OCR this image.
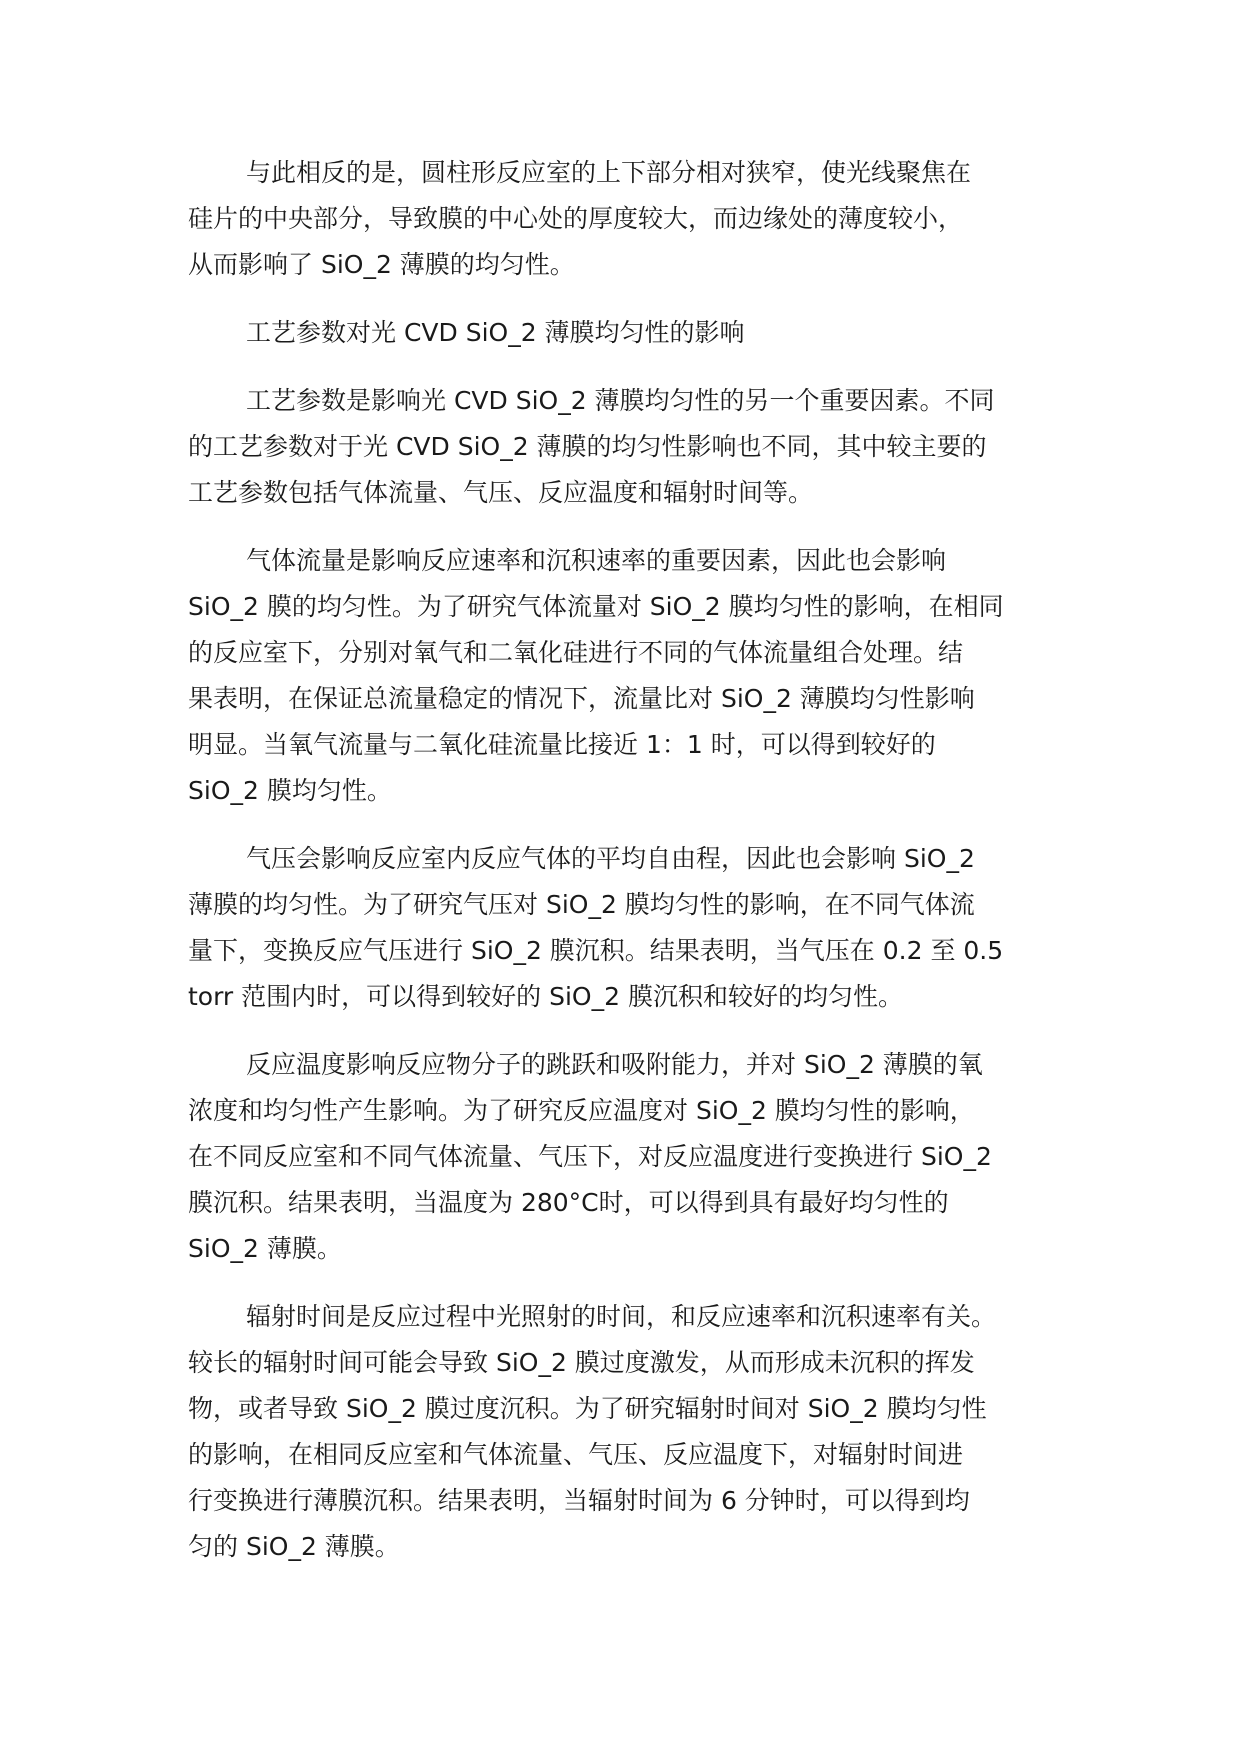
与此相反的是，圆柱形反应室的上下部分相对狭窄，使光线聚焦在

硅片的中央部分，导致膜的中心处的厚度较大，而边缘处的薄度较小，

从而影响了 SiO_2 薄膜的均匀性。

工艺参数对光 CVD SiO_2 薄膜均匀性的影响

工艺参数是影响光 CVD SiO_2 薄膜均匀性的另一个重要因素。不同

的工艺参数对于光 CVD SiO_2 薄膜的均匀性影响也不同，其中较主要的

工艺参数包括气体流量、气压、反应温度和辐射时间等。

气体流量是影响反应速率和沉积速率的重要因素，因此也会影响

SiO_2 膜的均匀性。为了研究气体流量对 SiO_2 膜均匀性的影响，在相同

的反应室下，分别对氧气和二氧化硅进行不同的气体流量组合处理。结

果表明，在保证总流量稳定的情况下，流量比对 SiO_2 薄膜均匀性影响

明显。当氧气流量与二氧化硅流量比接近 1：1 时，可以得到较好的

SiO_2 膜均匀性。

气压会影响反应室内反应气体的平均自由程，因此也会影响 SiO_2

薄膜的均匀性。为了研究气压对 SiO_2 膜均匀性的影响，在不同气体流

量下，变换反应气压进行 SiO_2 膜沉积。结果表明，当气压在 0.2 至 0.5

torr 范围内时，可以得到较好的 SiO_2 膜沉积和较好的均匀性。

反应温度影响反应物分子的跳跃和吸附能力，并对 SiO_2 薄膜的氧

浓度和均匀性产生影响。为了研究反应温度对 SiO_2 膜均匀性的影响，

在不同反应室和不同气体流量、气压下，对反应温度进行变换进行 SiO_2

膜沉积。结果表明，当温度为 280°C时，可以得到具有最好均匀性的

SiO_2 薄膜。

辐射时间是反应过程中光照射的时间，和反应速率和沉积速率有关。

较长的辐射时间可能会导致 SiO_2 膜过度激发，从而形成未沉积的挥发

物，或者导致 SiO_2 膜过度沉积。为了研究辐射时间对 SiO_2 膜均匀性

的影响，在相同反应室和气体流量、气压、反应温度下，对辐射时间进

行变换进行薄膜沉积。结果表明，当辐射时间为 6 分钟时，可以得到均

匀的 SiO_2 薄膜。
